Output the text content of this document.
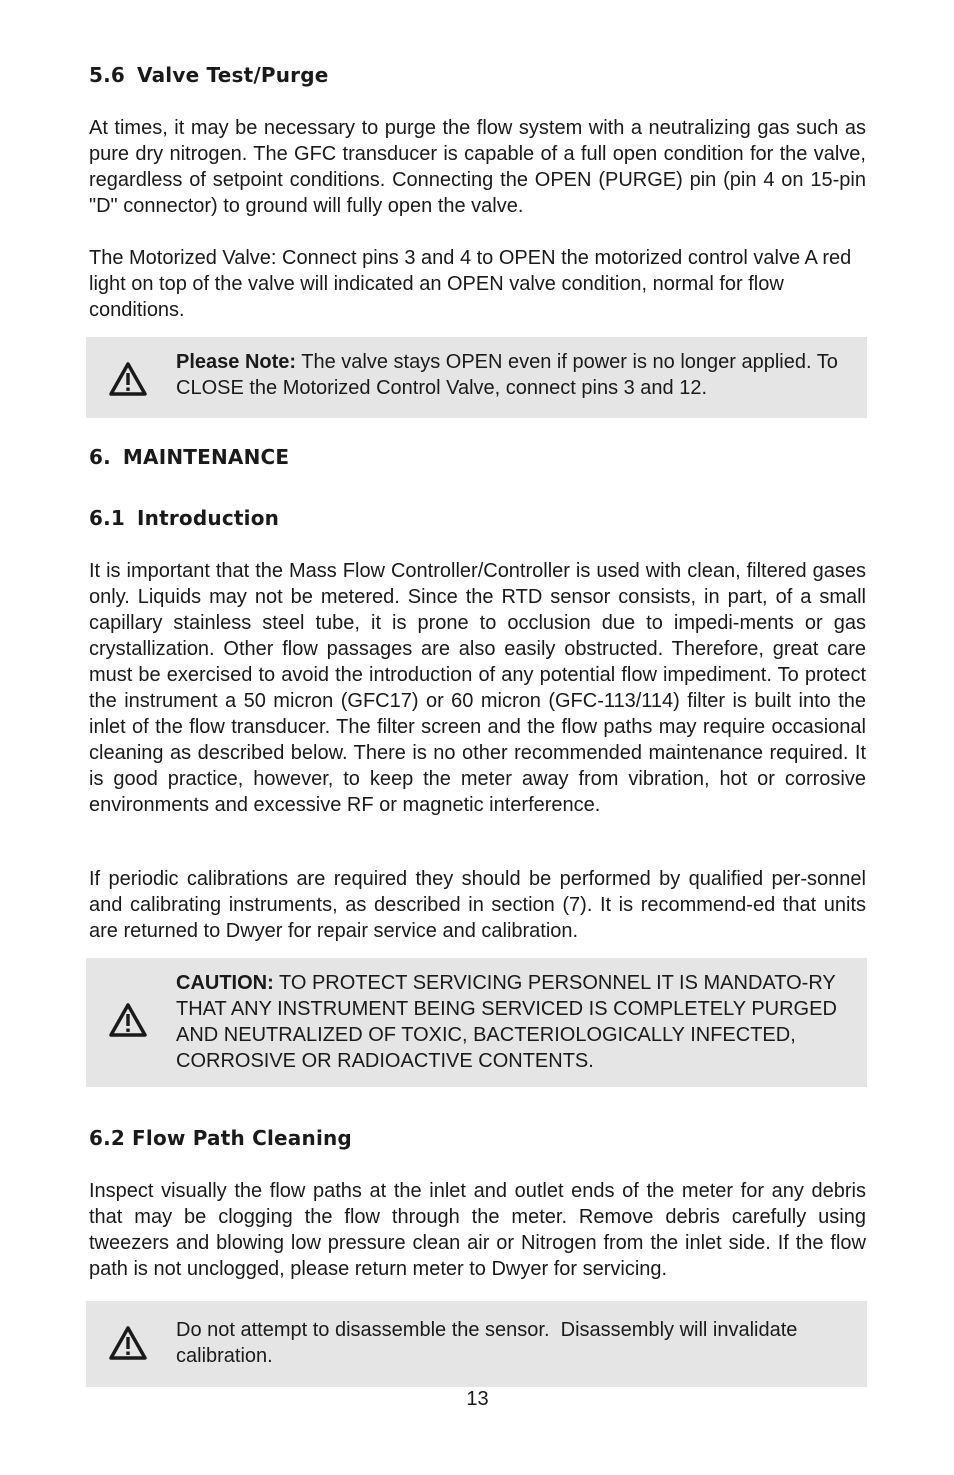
5.6 Valve Test/Purge

At times, it may be necessary to purge the flow system with a neutralizing gas such as pure dry nitrogen. The GFC transducer is capable of a full open condition for the valve, regardless of setpoint conditions. Connecting the OPEN (PURGE) pin (pin 4 on 15-pin "D" connector) to ground will fully open the valve.

The Motorized Valve: Connect pins 3 and 4 to OPEN the motorized control valve A red light on top of the valve will indicated an OPEN valve condition, normal for flow conditions.

Please Note: The valve stays OPEN even if power is no longer applied. To CLOSE the Motorized Control Valve, connect pins 3 and 12.
6. MAINTENANCE
6.1 Introduction

It is important that the Mass Flow Controller/Controller is used with clean, filtered gases only. Liquids may not be metered. Since the RTD sensor consists, in part, of a small capillary stainless steel tube, it is prone to occlusion due to impedi-ments or gas crystallization. Other flow passages are also easily obstructed. Therefore, great care must be exercised to avoid the introduction of any potential flow impediment. To protect the instrument a 50 micron (GFC17) or 60 micron (GFC-113/114) filter is built into the inlet of the flow transducer. The filter screen and the flow paths may require occasional cleaning as described below. There is no other recommended maintenance required. It is good practice, however, to keep the meter away from vibration, hot or corrosive environments and excessive RF or magnetic interference.

If periodic calibrations are required they should be performed by qualified per-sonnel and calibrating instruments, as described in section (7). It is recommend-ed that units are returned to Dwyer for repair service and calibration.

CAUTION: TO PROTECT SERVICING PERSONNEL IT IS MANDATO-RY THAT ANY INSTRUMENT BEING SERVICED IS COMPLETELY PURGED AND NEUTRALIZED OF TOXIC, BACTERIOLOGICALLY INFECTED, CORROSIVE OR RADIOACTIVE CONTENTS.
6.2 Flow Path Cleaning

Inspect visually the flow paths at the inlet and outlet ends of the meter for any debris that may be clogging the flow through the meter. Remove debris carefully using tweezers and blowing low pressure clean air or Nitrogen from the inlet side. If the flow path is not unclogged, please return meter to Dwyer for servicing.

Do not attempt to disassemble the sensor.  Disassembly will invalidate calibration.
13
